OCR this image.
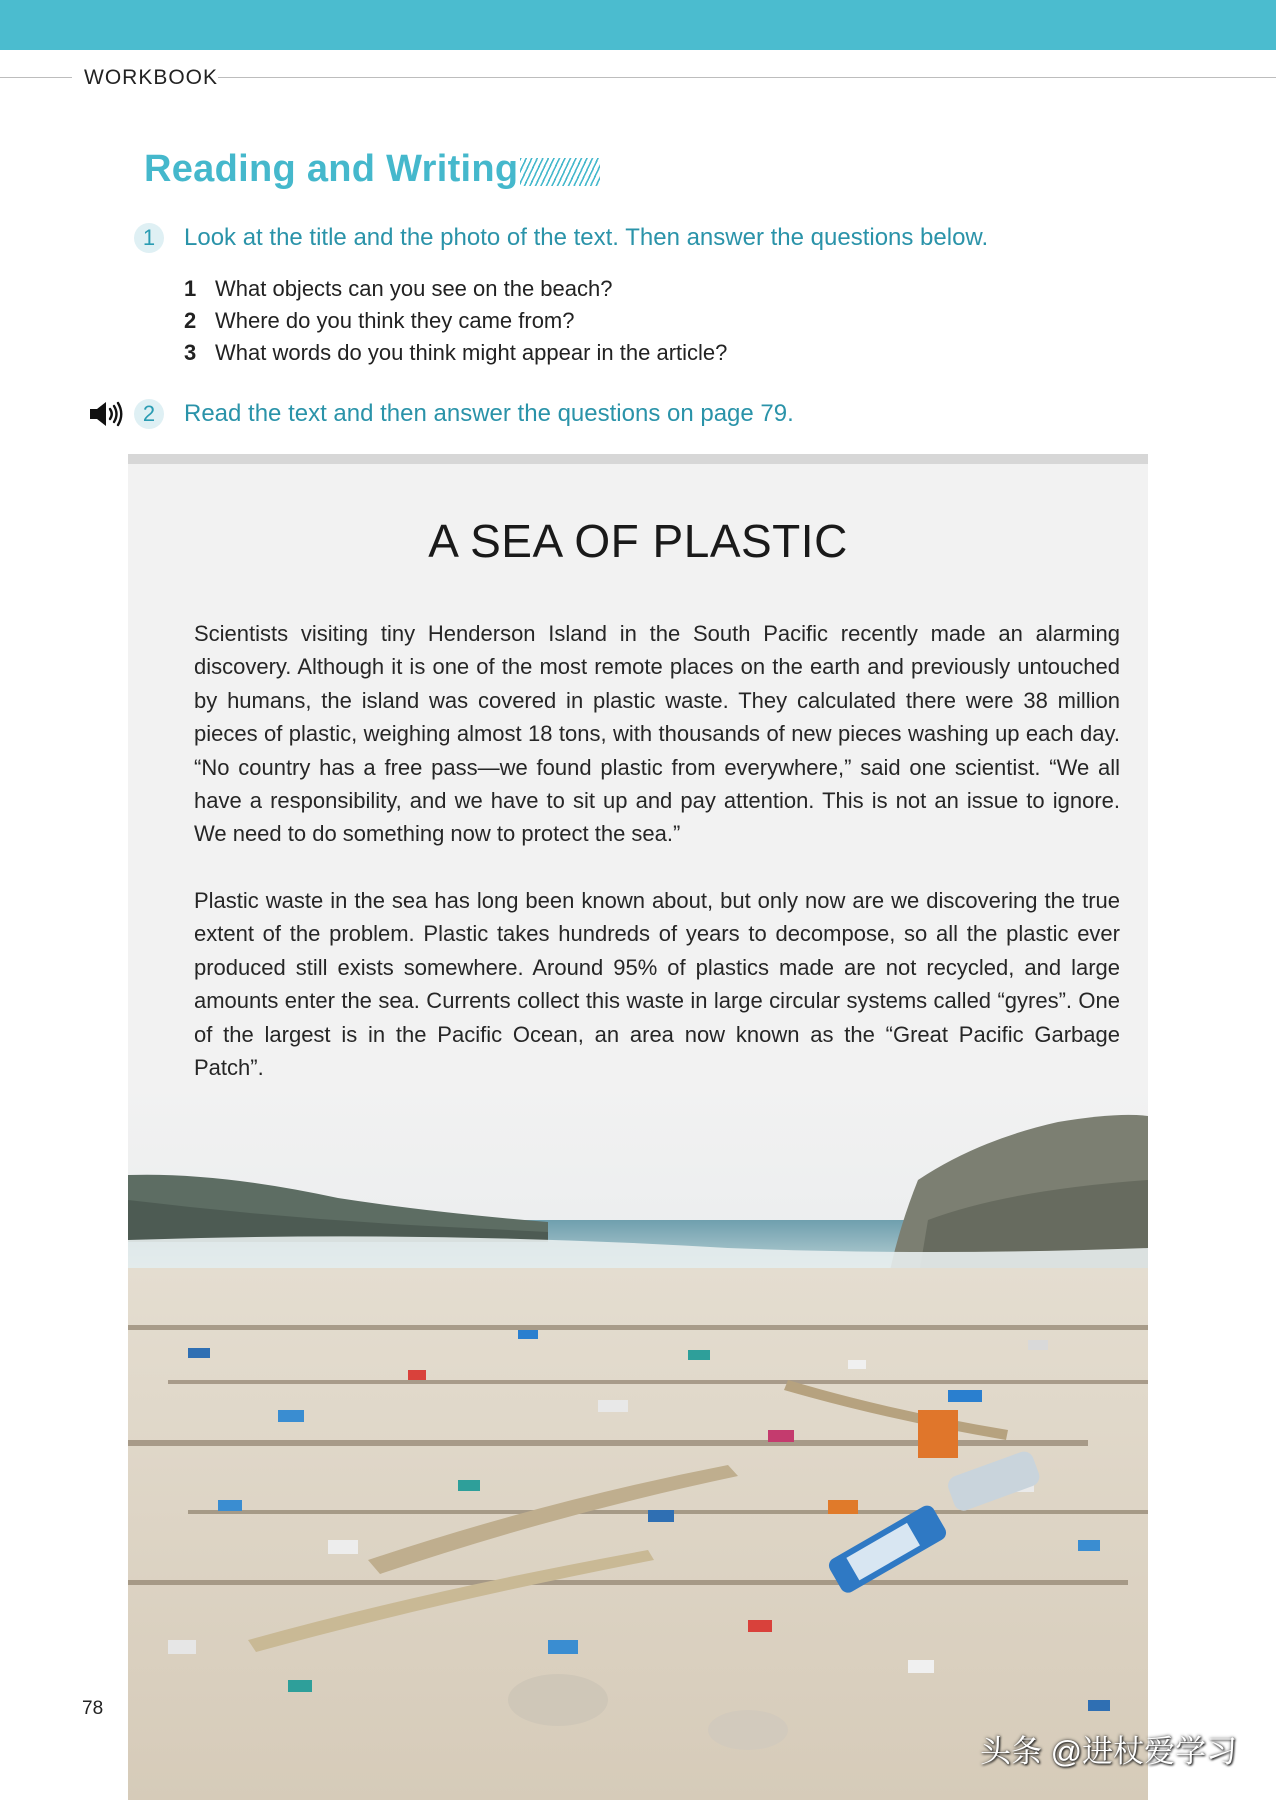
WORKBOOK
Reading and Writing
1	Look at the title and the photo of the text. Then answer the questions below.
1 What objects can you see on the beach?
2 Where do you think they came from?
3 What words do you think might appear in the article?
2	Read the text and then answer the questions on page 79.
A SEA OF PLASTIC

Scientists visiting tiny Henderson Island in the South Pacific recently made an alarming discovery. Although it is one of the most remote places on the earth and previously untouched by humans, the island was covered in plastic waste. They calculated there were 38 million pieces of plastic, weighing almost 18 tons, with thousands of new pieces washing up each day. “No country has a free pass—we found plastic from everywhere,” said one scientist. “We all have a responsibility, and we have to sit up and pay attention. This is not an issue to ignore. We need to do something now to protect the sea.”

Plastic waste in the sea has long been known about, but only now are we discovering the true extent of the problem. Plastic takes hundreds of years to decompose, so all the plastic ever produced still exists somewhere. Around 95% of plastics made are not recycled, and large amounts enter the sea. Currents collect this waste in large circular systems called “gyres”. One of the largest is in the Pacific Ocean, an area now known as the “Great Pacific Garbage Patch”.

78
头条 @进杖爱学习
